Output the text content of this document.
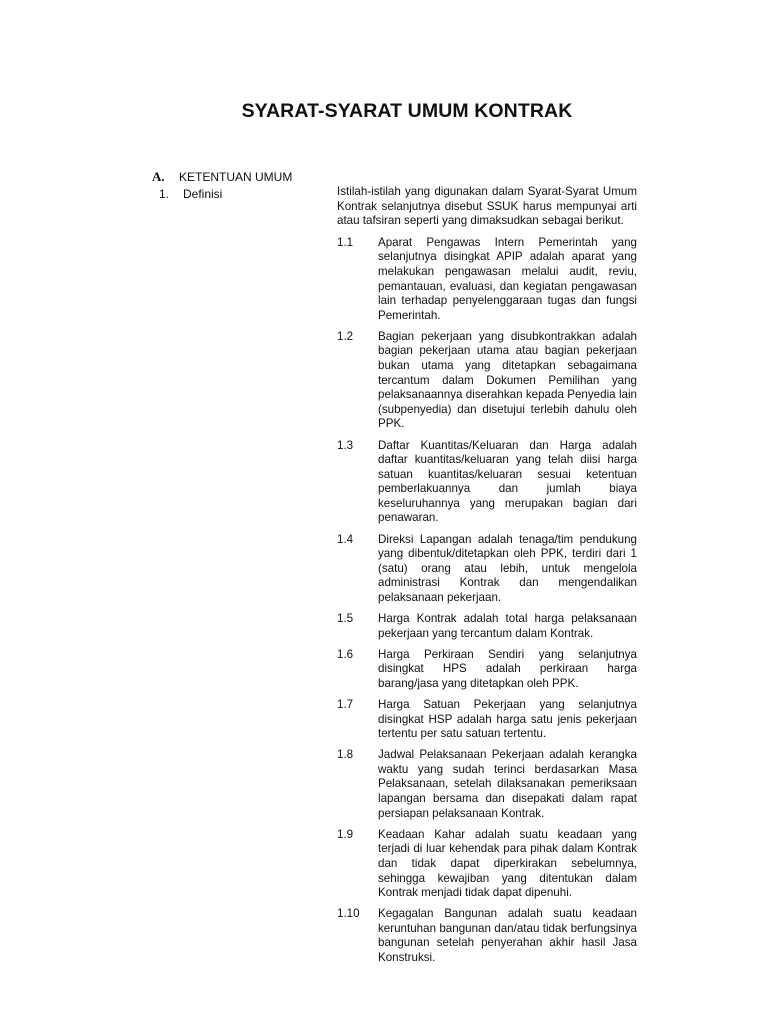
SYARAT-SYARAT UMUM KONTRAK
A. KETENTUAN UMUM
1. Definisi	Istilah-istilah yang digunakan dalam Syarat-Syarat Umum Kontrak selanjutnya disebut SSUK harus mempunyai arti atau tafsiran seperti yang dimaksudkan sebagai berikut.
1.1	Aparat Pengawas Intern Pemerintah yang selanjutnya disingkat APIP adalah aparat yang melakukan pengawasan melalui audit, reviu, pemantauan, evaluasi, dan kegiatan pengawasan lain terhadap penyelenggaraan tugas dan fungsi Pemerintah.
1.2	Bagian pekerjaan yang disubkontrakkan adalah bagian pekerjaan utama atau bagian pekerjaan bukan utama yang ditetapkan sebagaimana tercantum dalam Dokumen Pemilihan yang pelaksanaannya diserahkan kepada Penyedia lain (subpenyedia) dan disetujui terlebih dahulu oleh PPK.
1.3	Daftar Kuantitas/Keluaran dan Harga adalah daftar kuantitas/keluaran yang telah diisi harga satuan kuantitas/keluaran sesuai ketentuan pemberlakuannya dan jumlah biaya keseluruhannya yang merupakan bagian dari penawaran.
1.4	Direksi Lapangan adalah tenaga/tim pendukung yang dibentuk/ditetapkan oleh PPK, terdiri dari 1 (satu) orang atau lebih, untuk mengelola administrasi Kontrak dan mengendalikan pelaksanaan pekerjaan.
1.5	Harga Kontrak adalah total harga pelaksanaan pekerjaan yang tercantum dalam Kontrak.
1.6	Harga Perkiraan Sendiri yang selanjutnya disingkat HPS adalah perkiraan harga barang/jasa yang ditetapkan oleh PPK.
1.7	Harga Satuan Pekerjaan yang selanjutnya disingkat HSP adalah harga satu jenis pekerjaan tertentu per satu satuan tertentu.
1.8	Jadwal Pelaksanaan Pekerjaan adalah kerangka waktu yang sudah terinci berdasarkan Masa Pelaksanaan, setelah dilaksanakan pemeriksaan lapangan bersama dan disepakati dalam rapat persiapan pelaksanaan Kontrak.
1.9	Keadaan Kahar adalah suatu keadaan yang terjadi di luar kehendak para pihak dalam Kontrak dan tidak dapat diperkirakan sebelumnya, sehingga kewajiban yang ditentukan dalam Kontrak menjadi tidak dapat dipenuhi.
1.10	Kegagalan Bangunan adalah suatu keadaan keruntuhan bangunan dan/atau tidak berfungsinya bangunan setelah penyerahan akhir hasil Jasa Konstruksi.
